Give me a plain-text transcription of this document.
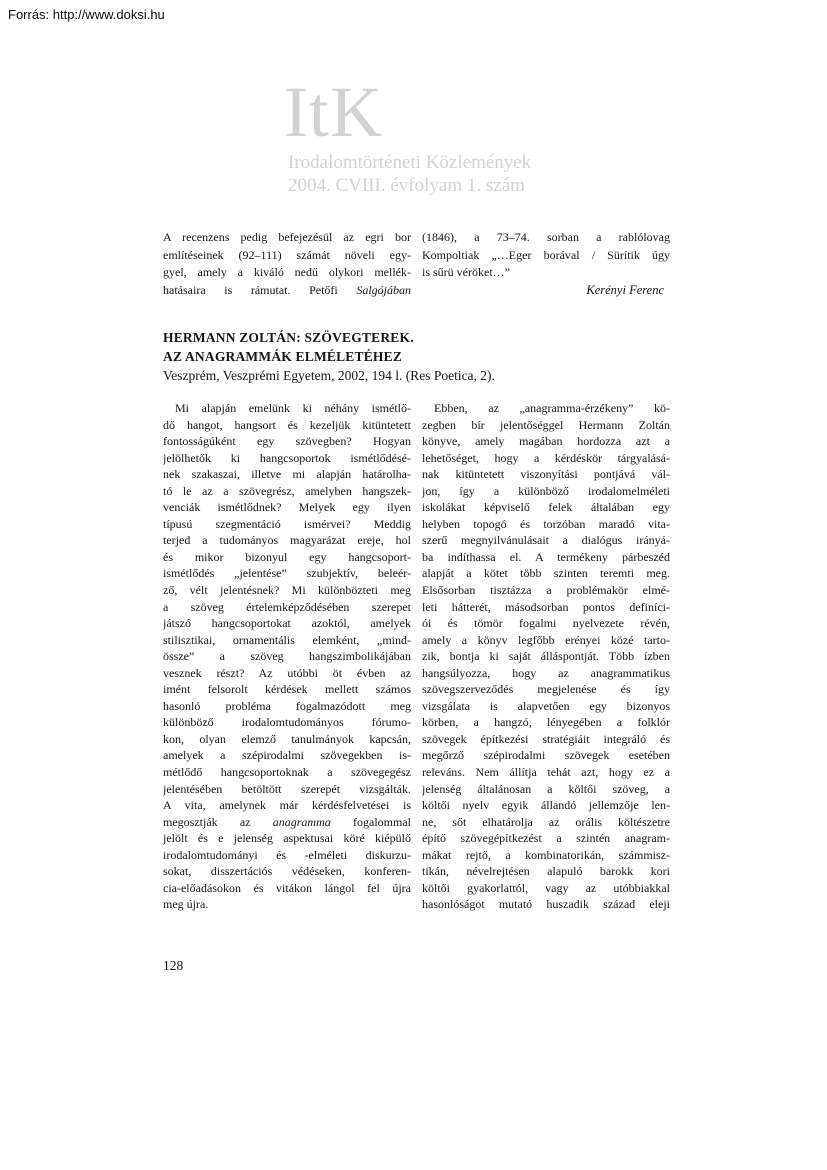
Forrás: http://www.doksi.hu
ItK
Irodalomtörténeti Közlemények
2004. CVIII. évfolyam 1. szám
A recenzens pedig befejezésül az egri bor
említéseinek (92–111) számát növeli egy-
gyel, amely a kiváló nedű olykori mellék-
hatásaira is rámutat. Petőfi Salgójában
(1846), a 73–74. sorban a rablólovag
Kompoltiak „…Eger borával / Sürítik úgy
is sűrü véröket…”
Kerényi Ferenc
HERMANN ZOLTÁN: SZÖVEGTEREK.
AZ ANAGRAMMÁK ELMÉLETÉHEZ
Veszprém, Veszprémi Egyetem, 2002, 194 l. (Res Poetica, 2).
Mi alapján emelünk ki néhány ismétlő-
dő hangot, hangsort és kezeljük kitüntetett
fontosságúként egy szövegben? Hogyan
jelölhetők ki hangcsoportok ismétlődésé-
nek szakaszai, illetve mi alapján határolha-
tó le az a szövegrész, amelyben hangszek-
venciák ismétlődnek? Melyek egy ilyen
típusú szegmentáció ismérvei? Meddig
terjed a tudományos magyarázat ereje, hol
és mikor bizonyul egy hangcsoport-
ismétlődés „jelentése” szubjektív, beleér-
ző, vélt jelentésnek? Mi különbözteti meg
a szöveg értelemképződésében szerepet
játszó hangcsoportokat azoktól, amelyek
stilisztikai, ornamentális elemként, „mind-
össze” a szöveg hangszimbolikájában
vesznek részt? Az utóbbi öt évben az
imént felsorolt kérdések mellett számos
hasonló probléma fogalmazódott meg
különböző irodalomtudományos fórumo-
kon, olyan elemző tanulmányok kapcsán,
amelyek a szépirodalmi szövegekben is-
métlődő hangcsoportoknak a szövegegész
jelentésében betöltött szerepét vizsgálták.
A vita, amelynek már kérdésfelvetései is
megosztják az anagramma fogalommal
jelölt és e jelenség aspektusai köré kiépülő
irodalomtudományi és -elméleti diskurzu-
sokat, disszertációs védéseken, konferen-
cia-előadásokon és vitákon lángol fel újra
meg újra.
Ebben, az „anagramma-érzékeny” kö-
zegben bír jelentőséggel Hermann Zoltán
könyve, amely magában hordozza azt a
lehetőséget, hogy a kérdéskör tárgyalásá-
nak kitüntetett viszonyítási pontjává vál-
jon, így a különböző irodalomelméleti
iskolákat képviselő felek általában egy
helyben topogó és torzóban maradó vita-
szerű megnyilvánulásait a dialógus irányá-
ba indíthassa el. A termékeny párbeszéd
alapját a kötet több szinten teremti meg.
Elsősorban tisztázza a problémakör elmé-
leti hátterét, másodsorban pontos definíci-
ói és tömör fogalmi nyelvezete révén,
amely a könyv legfőbb erényei közé tarto-
zik, bontja ki saját álláspontját. Több ízben
hangsúlyozza, hogy az anagrammatikus
szövegszerveződés megjelenése és így
vizsgálata is alapvetően egy bizonyos
körben, a hangzó, lényegében a folklór
szövegek építkezési stratégiáit integráló és
megőrző szépirodalmi szövegek esetében
releváns. Nem állítja tehát azt, hogy ez a
jelenség általánosan a költői szöveg, a
költői nyelv egyik állandó jellemzője len-
ne, sőt elhatárolja az orális költészetre
építő szövegépítkezést a szintén anagram-
mákat rejtő, a kombinatorikán, számmisz-
tikán, névelrejtésen alapuló barokk kori
költői gyakorlattól, vagy az utóbbiakkal
hasonlóságot mutató huszadik század eleji
128
